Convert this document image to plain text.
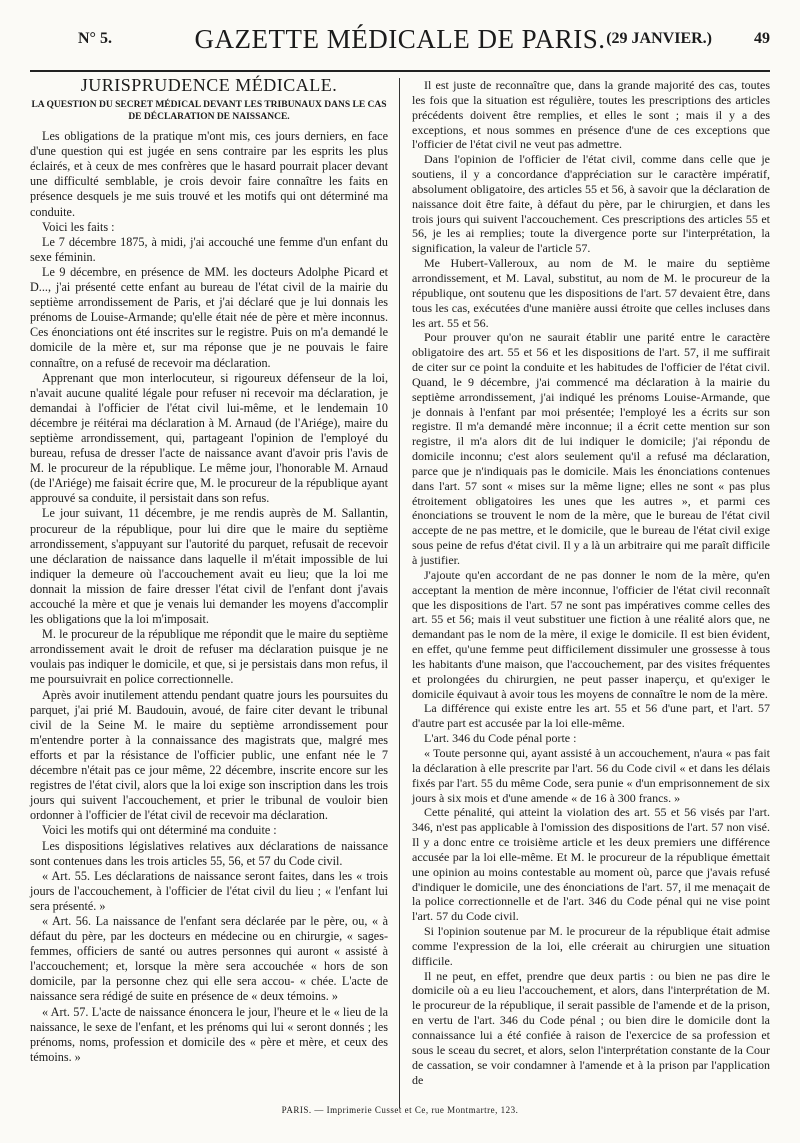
N° 5.	GAZETTE MÉDICALE DE PARIS. (29 JANVIER.)	49
JURISPRUDENCE MÉDICALE.
LA QUESTION DU SECRET MÉDICAL DEVANT LES TRIBUNAUX DANS LE CAS DE DÉCLARATION DE NAISSANCE.

Les obligations de la pratique m'ont mis, ces jours derniers, en face d'une question qui est jugée en sens contraire par les esprits les plus éclairés, et à ceux de mes confrères que le hasard pourrait placer devant une difficulté semblable, je crois devoir faire connaître les faits en présence desquels je me suis trouvé et les motifs qui ont déterminé ma conduite.

Voici les faits :

Le 7 décembre 1875, à midi, j'ai accouché une femme d'un enfant du sexe féminin.

Le 9 décembre, en présence de MM. les docteurs Adolphe Picard et D..., j'ai présenté cette enfant au bureau de l'état civil de la mairie du septième arrondissement de Paris, et j'ai déclaré que je lui donnais les prénoms de Louise-Armande; qu'elle était née de père et mère inconnus. Ces énonciations ont été inscrites sur le registre. Puis on m'a demandé le domicile de la mère et, sur ma réponse que je ne pouvais le faire connaître, on a refusé de recevoir ma déclaration.

Apprenant que mon interlocuteur, si rigoureux défenseur de la loi, n'avait aucune qualité légale pour refuser ni recevoir ma déclaration, je demandai à l'officier de l'état civil lui-même, et le lendemain 10 décembre je réitérai ma déclaration à M. Arnaud (de l'Ariége), maire du septième arrondissement, qui, partageant l'opinion de l'employé du bureau, refusa de dresser l'acte de naissance avant d'avoir pris l'avis de M. le procureur de la république. Le même jour, l'honorable M. Arnaud (de l'Ariége) me faisait écrire que, M. le procureur de la république ayant approuvé sa conduite, il persistait dans son refus.

Le jour suivant, 11 décembre, je me rendis auprès de M. Sallantin, procureur de la république, pour lui dire que le maire du septième arrondissement, s'appuyant sur l'autorité du parquet, refusait de recevoir une déclaration de naissance dans laquelle il m'était impossible de lui indiquer la demeure où l'accouchement avait eu lieu; que la loi me donnait la mission de faire dresser l'état civil de l'enfant dont j'avais accouché la mère et que je venais lui demander les moyens d'accomplir les obligations que la loi m'imposait.

M. le procureur de la république me répondit que le maire du septième arrondissement avait le droit de refuser ma déclaration puisque je ne voulais pas indiquer le domicile, et que, si je persistais dans mon refus, il me poursuivrait en police correctionnelle.

Après avoir inutilement attendu pendant quatre jours les poursuites du parquet, j'ai prié M. Baudouin, avoué, de faire citer devant le tribunal civil de la Seine M. le maire du septième arrondissement pour m'entendre porter à la connaissance des magistrats que, malgré mes efforts et par la résistance de l'officier public, une enfant née le 7 décembre n'était pas ce jour même, 22 décembre, inscrite encore sur les registres de l'état civil, alors que la loi exige son inscription dans les trois jours qui suivent l'accouchement, et prier le tribunal de vouloir bien ordonner à l'officier de l'état civil de recevoir ma déclaration.

Voici les motifs qui ont déterminé ma conduite :

Les dispositions législatives relatives aux déclarations de naissance sont contenues dans les trois articles 55, 56, et 57 du Code civil.

« Art. 55. Les déclarations de naissance seront faites, dans les « trois jours de l'accouchement, à l'officier de l'état civil du lieu ; « l'enfant lui sera présenté. »

« Art. 56. La naissance de l'enfant sera déclarée par le père, ou, « à défaut du père, par les docteurs en médecine ou en chirurgie, « sages-femmes, officiers de santé ou autres personnes qui auront « assisté à l'accouchement; et, lorsque la mère sera accouchée « hors de son domicile, par la personne chez qui elle sera accou- « chée. L'acte de naissance sera rédigé de suite en présence de « deux témoins. »

« Art. 57. L'acte de naissance énoncera le jour, l'heure et le « lieu de la naissance, le sexe de l'enfant, et les prénoms qui lui « seront donnés ; les prénoms, noms, profession et domicile des « père et mère, et ceux des témoins. »

Il est juste de reconnaître que, dans la grande majorité des cas, toutes les fois que la situation est régulière, toutes les prescriptions des articles précédents doivent être remplies, et elles le sont ; mais il y a des exceptions, et nous sommes en présence d'une de ces exceptions que l'officier de l'état civil ne veut pas admettre.

Dans l'opinion de l'officier de l'état civil, comme dans celle que je soutiens, il y a concordance d'appréciation sur le caractère impératif, absolument obligatoire, des articles 55 et 56, à savoir que la déclaration de naissance doit être faite, à défaut du père, par le chirurgien, et dans les trois jours qui suivent l'accouchement. Ces prescriptions des articles 55 et 56, je les ai remplies; toute la divergence porte sur l'interprétation, la signification, la valeur de l'article 57.

Me Hubert-Valleroux, au nom de M. le maire du septième arrondissement, et M. Laval, substitut, au nom de M. le procureur de la république, ont soutenu que les dispositions de l'art. 57 devaient être, dans tous les cas, exécutées d'une manière aussi étroite que celles incluses dans les art. 55 et 56.

Pour prouver qu'on ne saurait établir une parité entre le caractère obligatoire des art. 55 et 56 et les dispositions de l'art. 57, il me suffirait de citer sur ce point la conduite et les habitudes de l'officier de l'état civil. Quand, le 9 décembre, j'ai commencé ma déclaration à la mairie du septième arrondissement, j'ai indiqué les prénoms Louise-Armande, que je donnais à l'enfant par moi présentée; l'employé les a écrits sur son registre. Il m'a demandé mère inconnue; il a écrit cette mention sur son registre, il m'a alors dit de lui indiquer le domicile; j'ai répondu de domicile inconnu; c'est alors seulement qu'il a refusé ma déclaration, parce que je n'indiquais pas le domicile. Mais les énonciations contenues dans l'art. 57 sont « mises sur la même ligne; elles ne sont « pas plus étroitement obligatoires les unes que les autres », et parmi ces énonciations se trouvent le nom de la mère, que le bureau de l'état civil accepte de ne pas mettre, et le domicile, que le bureau de l'état civil exige sous peine de refus d'état civil. Il y a là un arbitraire qui me paraît difficile à justifier.

J'ajoute qu'en accordant de ne pas donner le nom de la mère, qu'en acceptant la mention de mère inconnue, l'officier de l'état civil reconnaît que les dispositions de l'art. 57 ne sont pas impératives comme celles des art. 55 et 56; mais il veut substituer une fiction à une réalité alors que, ne demandant pas le nom de la mère, il exige le domicile. Il est bien évident, en effet, qu'une femme peut difficilement dissimuler une grossesse à tous les habitants d'une maison, que l'accouchement, par des visites fréquentes et prolongées du chirurgien, ne peut passer inaperçu, et qu'exiger le domicile équivaut à avoir tous les moyens de connaître le nom de la mère.

La différence qui existe entre les art. 55 et 56 d'une part, et l'art. 57 d'autre part est accusée par la loi elle-même.

L'art. 346 du Code pénal porte :

« Toute personne qui, ayant assisté à un accouchement, n'aura « pas fait la déclaration à elle prescrite par l'art. 56 du Code civil « et dans les délais fixés par l'art. 55 du même Code, sera punie « d'un emprisonnement de six jours à six mois et d'une amende « de 16 à 300 francs. »

Cette pénalité, qui atteint la violation des art. 55 et 56 visés par l'art. 346, n'est pas applicable à l'omission des dispositions de l'art. 57 non visé. Il y a donc entre ce troisième article et les deux premiers une différence accusée par la loi elle-même. Et M. le procureur de la république émettait une opinion au moins contestable au moment où, parce que j'avais refusé d'indiquer le domicile, une des énonciations de l'art. 57, il me menaçait de la police correctionnelle et de l'art. 346 du Code pénal qui ne vise point l'art. 57 du Code civil.

Si l'opinion soutenue par M. le procureur de la république était admise comme l'expression de la loi, elle créerait au chirurgien une situation difficile.

Il ne peut, en effet, prendre que deux partis : ou bien ne pas dire le domicile où a eu lieu l'accouchement, et alors, dans l'interprétation de M. le procureur de la république, il serait passible de l'amende et de la prison, en vertu de l'art. 346 du Code pénal ; ou bien dire le domicile dont la connaissance lui a été confiée à raison de l'exercice de sa profession et sous le sceau du secret, et alors, selon l'interprétation constante de la Cour de cassation, se voir condamner à l'amende et à la prison par l'application de

PARIS. — Imprimerie Cusset et Ce, rue Montmartre, 123.
